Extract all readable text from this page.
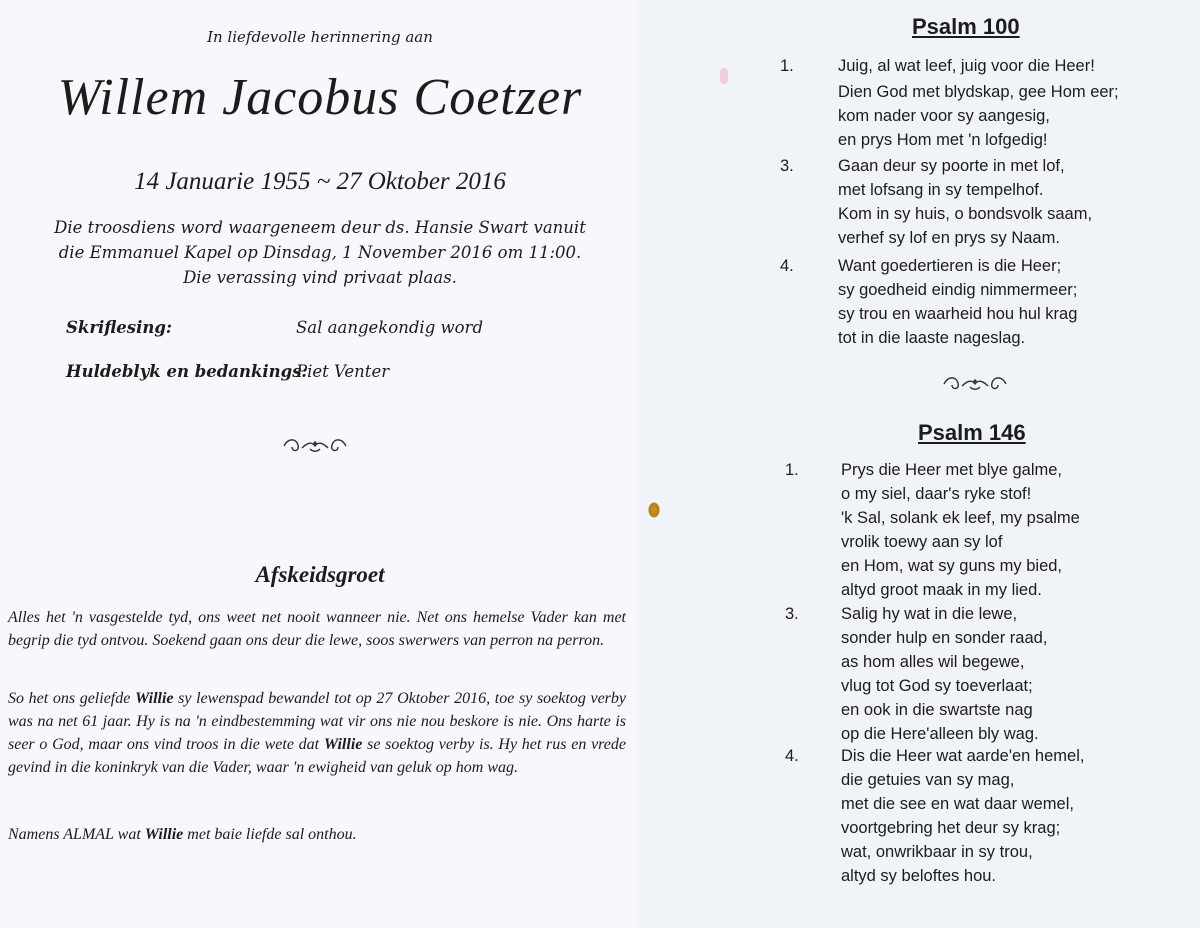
In liefdevolle herinnering aan
Willem Jacobus Coetzer
14 Januarie 1955 ~ 27 Oktober 2016
Die troosdiens word waargeneem deur ds. Hansie Swart vanuit
die Emmanuel Kapel op Dinsdag, 1 November 2016 om 11:00.
Die verassing vind privaat plaas.
Skriflesing:	Sal aangekondig word
Huldeblyk en bedankings:
Piet Venter
Afskeidsgroet
Alles het 'n vasgestelde tyd, ons weet net nooit wanneer nie. Net ons hemelse Vader kan met begrip die tyd ontvou. Soekend gaan ons deur die lewe, soos swerwers van perron na perron.
So het ons geliefde Willie sy lewenspad bewandel tot op 27 Oktober 2016, toe sy soektog verby was na net 61 jaar. Hy is na 'n eindbestemming wat vir ons nie nou beskore is nie. Ons harte is seer o God, maar ons vind troos in die wete dat Willie se soektog verby is. Hy het rus en vrede gevind in die koninkryk van die Vader, waar 'n ewigheid van geluk op hom wag.
Namens ALMAL wat Willie met baie liefde sal onthou.
Psalm 100
1.	Juig, al wat leef, juig voor die Heer!
Dien God met blydskap, gee Hom eer;
kom nader voor sy aangesig,
en prys Hom met 'n lofgedig!
3.	Gaan deur sy poorte in met lof,
met lofsang in sy tempelhof.
Kom in sy huis, o bondsvolk saam,
verhef sy lof en prys sy Naam.
4.	Want goedertieren is die Heer;
sy goedheid eindig nimmermeer;
sy trou en waarheid hou hul krag
tot in die laaste nageslag.
Psalm 146
1.	Prys die Heer met blye galme,
o my siel, daar's ryke stof!
'k Sal, solank ek leef, my psalme
vrolik toewy aan sy lof
en Hom, wat sy guns my bied,
altyd groot maak in my lied.
3.	Salig hy wat in die lewe,
sonder hulp en sonder raad,
as hom alles wil begewe,
vlug tot God sy toeverlaat;
en ook in die swartste nag
op die Here'alleen bly wag.
4.	Dis die Heer wat aarde'en hemel,
die getuies van sy mag,
met die see en wat daar wemel,
voortgebring het deur sy krag;
wat, onwrikbaar in sy trou,
altyd sy beloftes hou.
